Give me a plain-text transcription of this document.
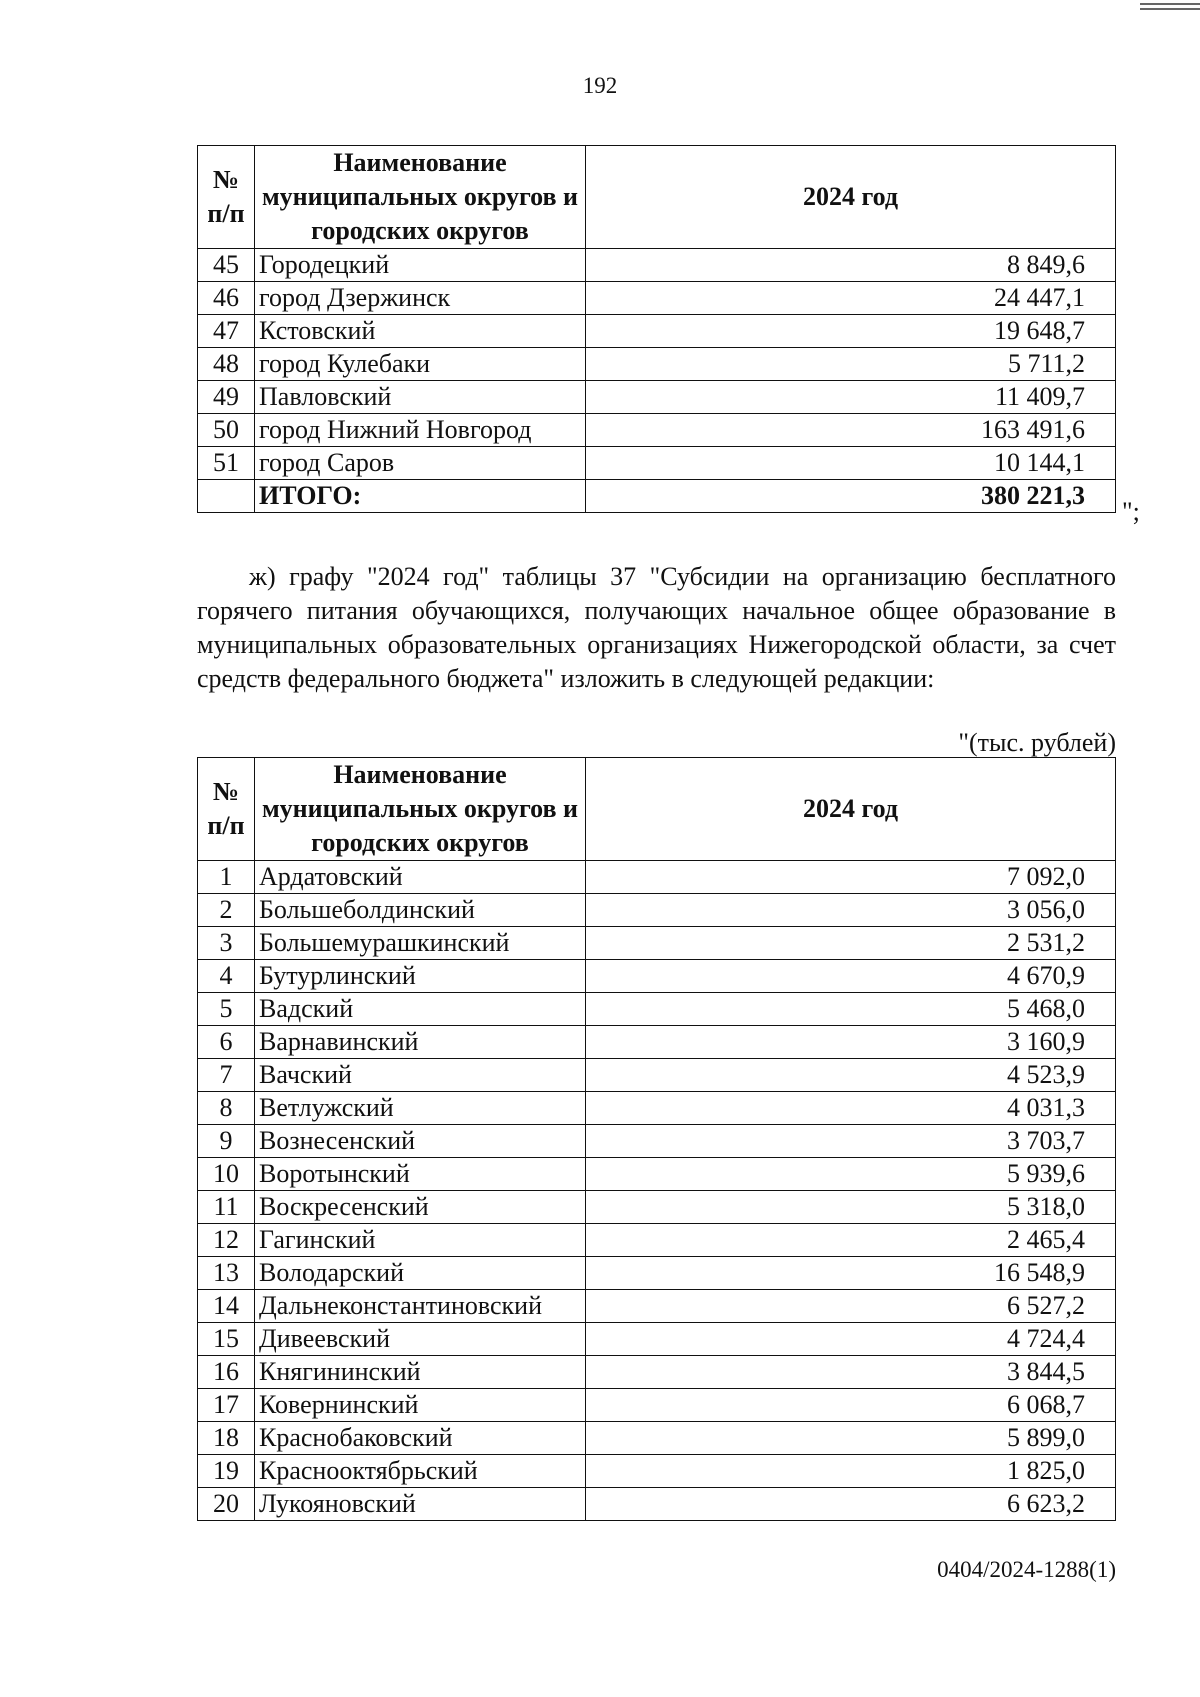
192
№ п/п	Наименование муниципальных округов и городских округов	2024 год
45	Городецкий	8 849,6
46	город Дзержинск	24 447,1
47	Кстовский	19 648,7
48	город Кулебаки	5 711,2
49	Павловский	11 409,7
50	город Нижний Новгород	163 491,6
51	город Саров	10 144,1
	ИТОГО:	380 221,3
";
ж) графу "2024 год" таблицы 37 "Субсидии на организацию бесплатного горячего питания обучающихся, получающих начальное общее образование в муниципальных образовательных организациях Нижегородской области, за счет средств федерального бюджета" изложить в следующей редакции:
"(тыс. рублей)
№ п/п	Наименование муниципальных округов и городских округов	2024 год
1	Ардатовский	7 092,0
2	Большеболдинский	3 056,0
3	Большемурашкинский	2 531,2
4	Бутурлинский	4 670,9
5	Вадский	5 468,0
6	Варнавинский	3 160,9
7	Вачский	4 523,9
8	Ветлужский	4 031,3
9	Вознесенский	3 703,7
10	Воротынский	5 939,6
11	Воскресенский	5 318,0
12	Гагинский	2 465,4
13	Володарский	16 548,9
14	Дальнеконстантиновский	6 527,2
15	Дивеевский	4 724,4
16	Княгининский	3 844,5
17	Ковернинский	6 068,7
18	Краснобаковский	5 899,0
19	Краснооктябрьский	1 825,0
20	Лукояновский	6 623,2
0404/2024-1288(1)
